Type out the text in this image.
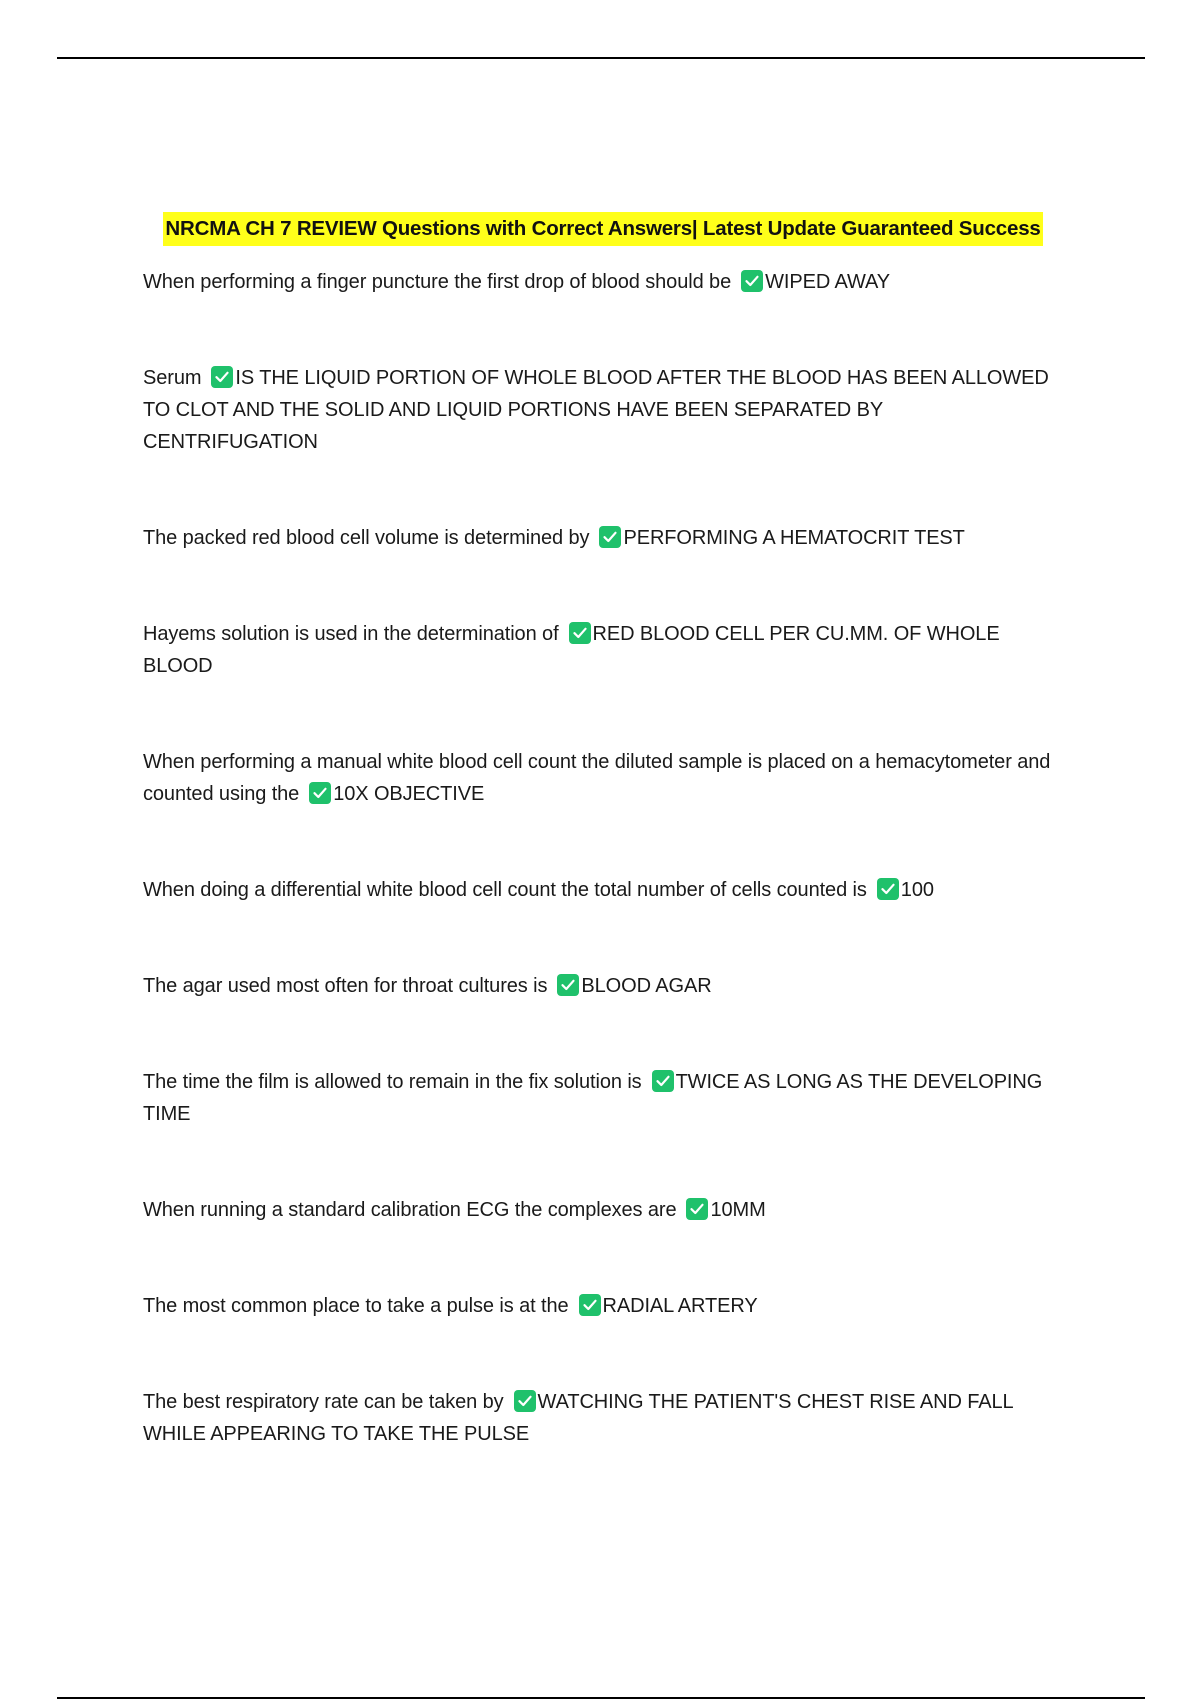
NRCMA CH 7 REVIEW Questions with Correct Answers| Latest Update Guaranteed Success

When performing a finger puncture the first drop of blood should be WIPED AWAY

Serum IS THE LIQUID PORTION OF WHOLE BLOOD AFTER THE BLOOD HAS BEEN ALLOWED TO CLOT AND THE SOLID AND LIQUID PORTIONS HAVE BEEN SEPARATED BY CENTRIFUGATION

The packed red blood cell volume is determined by PERFORMING A HEMATOCRIT TEST

Hayems solution is used in the determination of RED BLOOD CELL PER CU.MM. OF WHOLE BLOOD

When performing a manual white blood cell count the diluted sample is placed on a hemacytometer and counted using the 10X OBJECTIVE

When doing a differential white blood cell count the total number of cells counted is 100

The agar used most often for throat cultures is BLOOD AGAR

The time the film is allowed to remain in the fix solution is TWICE AS LONG AS THE DEVELOPING TIME

When running a standard calibration ECG the complexes are 10MM

The most common place to take a pulse is at the RADIAL ARTERY

The best respiratory rate can be taken by WATCHING THE PATIENT'S CHEST RISE AND FALL WHILE APPEARING TO TAKE THE PULSE
